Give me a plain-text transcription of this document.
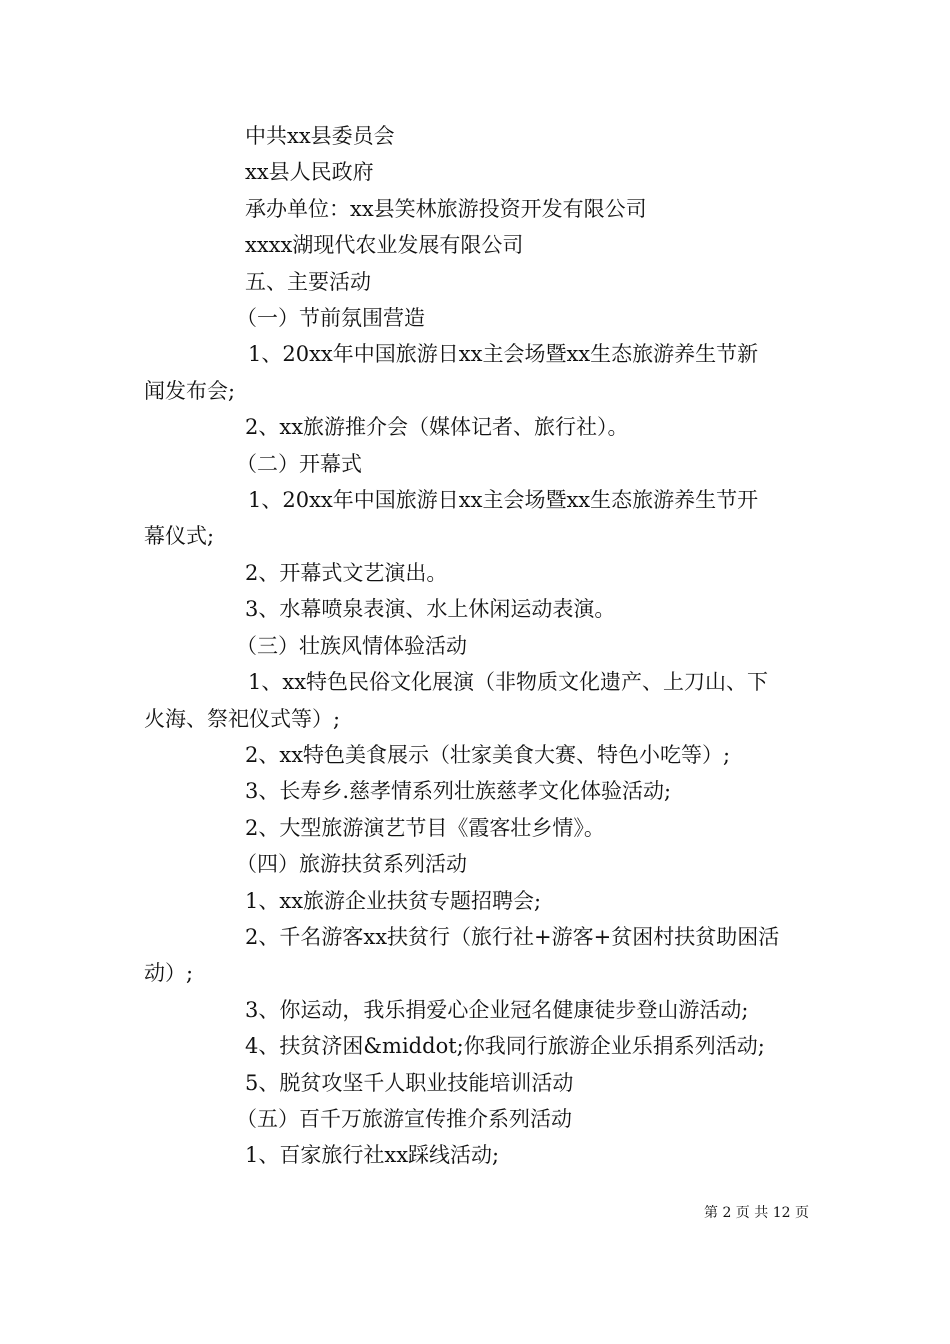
中共xx县委员会

xx县人民政府

承办单位：xx县笑林旅游投资开发有限公司

xxxx湖现代农业发展有限公司

五、主要活动

（一）节前氛围营造

1、20xx年中国旅游日xx主会场暨xx生态旅游养生节新

闻发布会;

2、xx旅游推介会（媒体记者、旅行社）。

（二）开幕式

1、20xx年中国旅游日xx主会场暨xx生态旅游养生节开

幕仪式;

2、开幕式文艺演出。

3、水幕喷泉表演、水上休闲运动表演。

（三）壮族风情体验活动

1、xx特色民俗文化展演（非物质文化遗产、上刀山、下

火海、祭祀仪式等）;

2、xx特色美食展示（壮家美食大赛、特色小吃等）;

3、长寿乡.慈孝情系列壮族慈孝文化体验活动;

2、大型旅游演艺节目《霞客壮乡情》。

（四）旅游扶贫系列活动

1、xx旅游企业扶贫专题招聘会;

2、千名游客xx扶贫行（旅行社+游客+贫困村扶贫助困活

动）;

3、你运动，我乐捐爱心企业冠名健康徒步登山游活动;

4、扶贫济困&middot;你我同行旅游企业乐捐系列活动;

5、脱贫攻坚千人职业技能培训活动

（五）百千万旅游宣传推介系列活动

1、百家旅行社xx踩线活动;

第 2 页 共 12 页
